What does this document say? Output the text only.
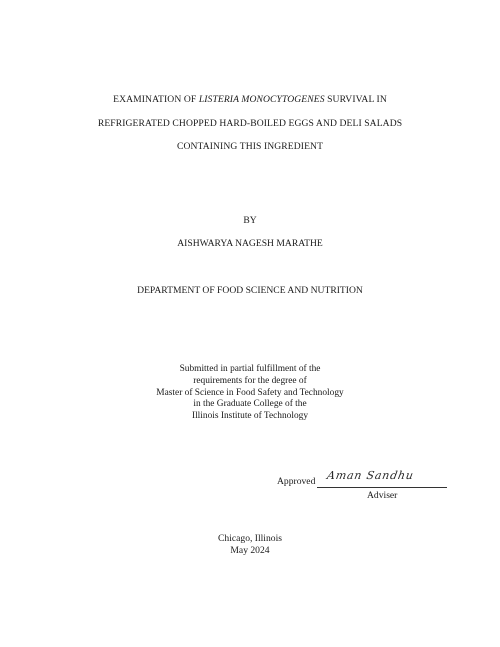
EXAMINATION OF LISTERIA MONOCYTOGENES SURVIVAL IN
REFRIGERATED CHOPPED HARD-BOILED EGGS AND DELI SALADS
CONTAINING THIS INGREDIENT
BY
AISHWARYA NAGESH MARATHE
DEPARTMENT OF FOOD SCIENCE AND NUTRITION
Submitted in partial fulfillment of the
requirements for the degree of
Master of Science in Food Safety and Technology
in the Graduate College of the
Illinois Institute of Technology
Approved Aman Sandhu
Adviser
Chicago, Illinois
May 2024
